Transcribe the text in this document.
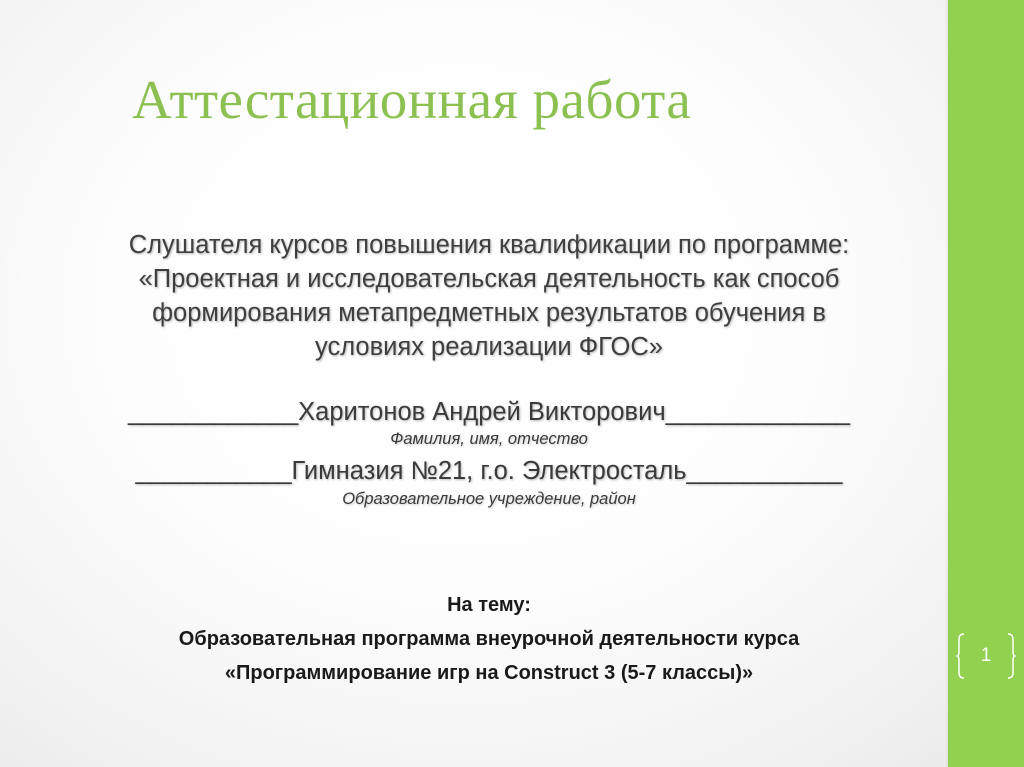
1
Аттестационная работа
Слушателя курсов повышения квалификации по программе:
«Проектная и исследовательская деятельность как способ
формирования метапредметных результатов обучения в
условиях реализации ФГОС»
____________Харитонов Андрей Викторович_____________
Фамилия, имя, отчество
___________Гимназия №21, г.о. Электросталь___________
Образовательное учреждение, район
На тему:
Образовательная программа внеурочной деятельности курса
«Программирование игр на Construct 3 (5-7 классы)»
